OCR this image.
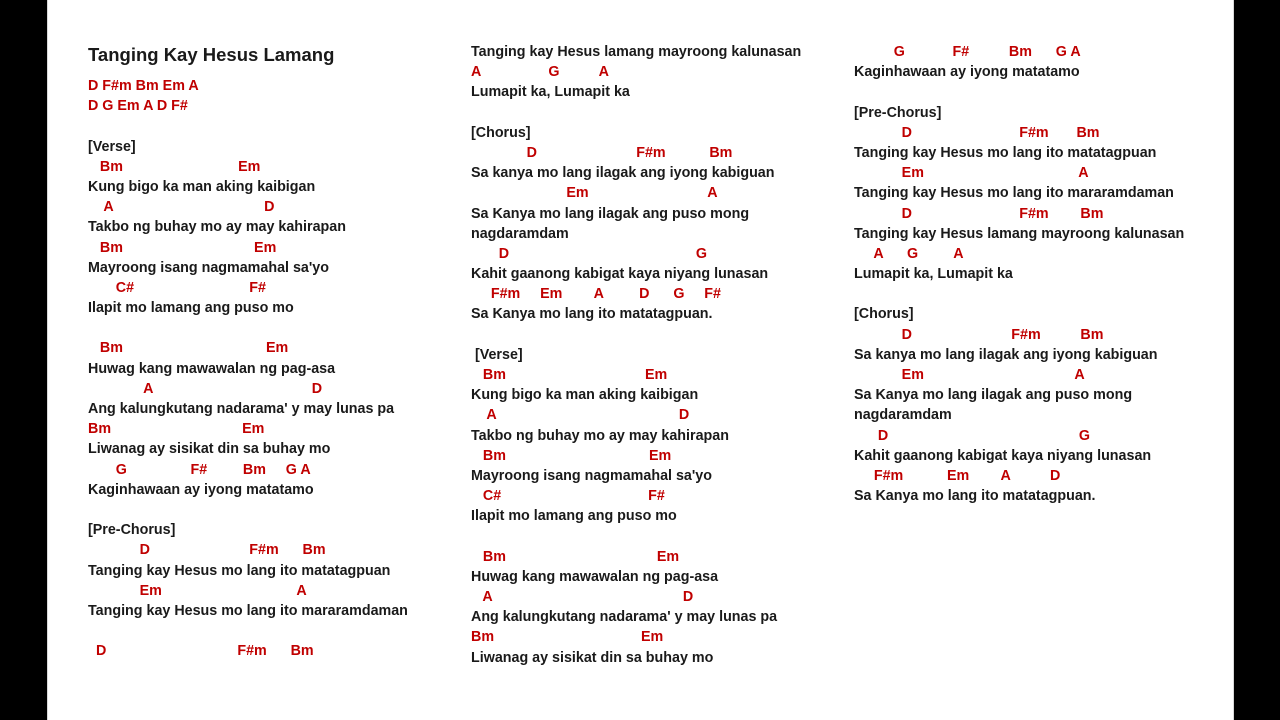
Tanging Kay Hesus Lamang
D F#m Bm Em A
D G Em A D F#
[Verse]
Bm                             Em
Kung bigo ka man aking kaibigan
A                                      D
Takbo ng buhay mo ay may kahirapan
Bm                                 Em
Mayroong isang nagmamahal sa'yo
C#                             F#
Ilapit mo lamang ang puso mo
Bm                                    Em
Huwag kang mawawalan ng pag-asa
A                                        D
Ang kalungkutang nadarama' y may lunas pa
Bm                                 Em
Liwanag ay sisikat din sa buhay mo
G                F#         Bm     G A
Kaginhawaan ay iyong matatamo
[Pre-Chorus]
D                         F#m      Bm
Tanging kay Hesus mo lang ito matatagpuan
Em                                  A
Tanging kay Hesus mo lang ito mararamdaman
D                                 F#m      Bm
Tanging kay Hesus lamang mayroong kalunasan
A                 G          A
Lumapit ka, Lumapit ka
[Chorus]
D                         F#m           Bm
Sa kanya mo lang ilagak ang iyong kabiguan
Em                              A
Sa Kanya mo lang ilagak ang puso mong
nagdaramdam
D                                               G
Kahit gaanong kabigat kaya niyang lunasan
F#m     Em        A         D      G     F#
Sa Kanya mo lang ito matatagpuan.
[Verse]
Bm                                   Em
Kung bigo ka man aking kaibigan
A                                              D
Takbo ng buhay mo ay may kahirapan
Bm                                    Em
Mayroong isang nagmamahal sa'yo
C#                                     F#
Ilapit mo lamang ang puso mo
Bm                                      Em
Huwag kang mawawalan ng pag-asa
A                                                D
Ang kalungkutang nadarama' y may lunas pa
Bm                                     Em
Liwanag ay sisikat din sa buhay mo
G            F#          Bm      G A
Kaginhawaan ay iyong matatamo
[Pre-Chorus]
D                           F#m       Bm
Tanging kay Hesus mo lang ito matatagpuan
Em                                       A
Tanging kay Hesus mo lang ito mararamdaman
D                           F#m        Bm
Tanging kay Hesus lamang mayroong kalunasan
A      G         A
Lumapit ka, Lumapit ka
[Chorus]
D                         F#m          Bm
Sa kanya mo lang ilagak ang iyong kabiguan
Em                                      A
Sa Kanya mo lang ilagak ang puso mong
nagdaramdam
D                                                G
Kahit gaanong kabigat kaya niyang lunasan
F#m           Em        A          D
Sa Kanya mo lang ito matatagpuan.
